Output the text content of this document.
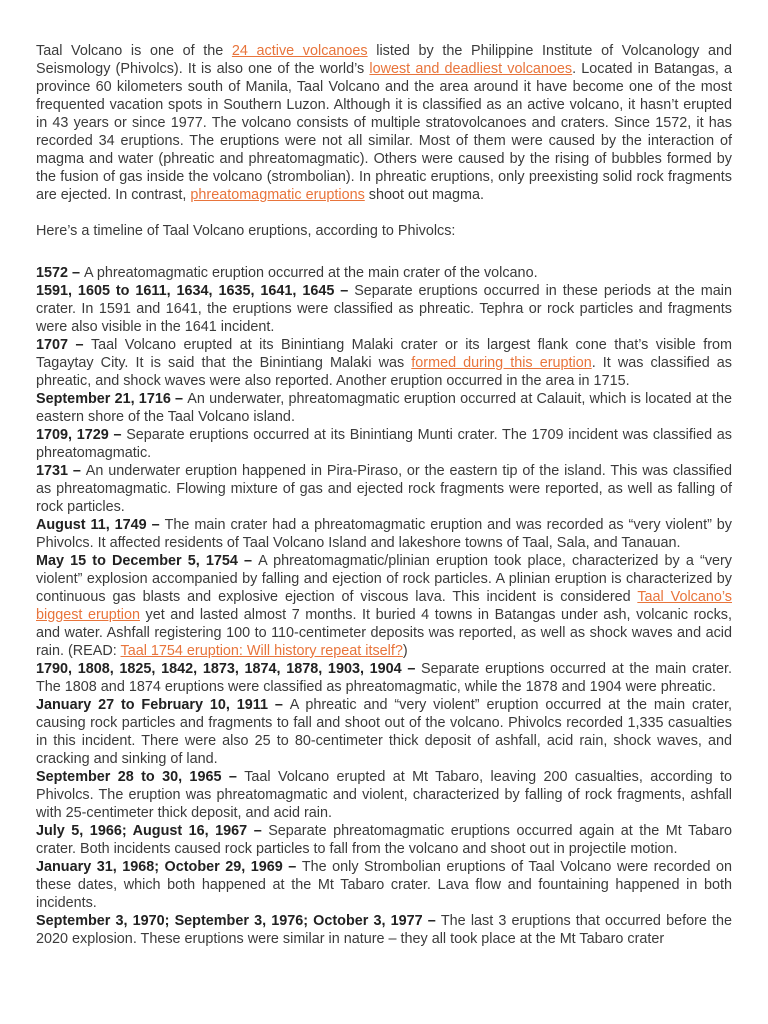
Taal Volcano is one of the 24 active volcanoes listed by the Philippine Institute of Volcanology and Seismology (Phivolcs). It is also one of the world’s lowest and deadliest volcanoes. Located in Batangas, a province 60 kilometers south of Manila, Taal Volcano and the area around it have become one of the most frequented vacation spots in Southern Luzon. Although it is classified as an active volcano, it hasn’t erupted in 43 years or since 1977. The volcano consists of multiple stratovolcanoes and craters. Since 1572, it has recorded 34 eruptions. The eruptions were not all similar. Most of them were caused by the interaction of magma and water (phreatic and phreatomagmatic). Others were caused by the rising of bubbles formed by the fusion of gas inside the volcano (strombolian). In phreatic eruptions, only preexisting solid rock fragments are ejected. In contrast, phreatomagmatic eruptions shoot out magma.

Here’s a timeline of Taal Volcano eruptions, according to Phivolcs:

1572 – A phreatomagmatic eruption occurred at the main crater of the volcano.

1591, 1605 to 1611, 1634, 1635, 1641, 1645 – Separate eruptions occurred in these periods at the main crater. In 1591 and 1641, the eruptions were classified as phreatic. Tephra or rock particles and fragments were also visible in the 1641 incident.

1707 – Taal Volcano erupted at its Binintiang Malaki crater or its largest flank cone that’s visible from Tagaytay City. It is said that the Binintiang Malaki was formed during this eruption. It was classified as phreatic, and shock waves were also reported. Another eruption occurred in the area in 1715.

September 21, 1716 – An underwater, phreatomagmatic eruption occurred at Calauit, which is located at the eastern shore of the Taal Volcano island.

1709, 1729 – Separate eruptions occurred at its Binintiang Munti crater. The 1709 incident was classified as phreatomagmatic.

1731 – An underwater eruption happened in Pira-Piraso, or the eastern tip of the island. This was classified as phreatomagmatic. Flowing mixture of gas and ejected rock fragments were reported, as well as falling of rock particles.

August 11, 1749 – The main crater had a phreatomagmatic eruption and was recorded as “very violent” by Phivolcs. It affected residents of Taal Volcano Island and lakeshore towns of Taal, Sala, and Tanauan.

May 15 to December 5, 1754 – A phreatomagmatic/plinian eruption took place, characterized by a “very violent” explosion accompanied by falling and ejection of rock particles. A plinian eruption is characterized by continuous gas blasts and explosive ejection of viscous lava. This incident is considered Taal Volcano’s biggest eruption yet and lasted almost 7 months. It buried 4 towns in Batangas under ash, volcanic rocks, and water. Ashfall registering 100 to 110-centimeter deposits was reported, as well as shock waves and acid rain. (READ: Taal 1754 eruption: Will history repeat itself?)

1790, 1808, 1825, 1842, 1873, 1874, 1878, 1903, 1904 – Separate eruptions occurred at the main crater. The 1808 and 1874 eruptions were classified as phreatomagmatic, while the 1878 and 1904 were phreatic.

January 27 to February 10, 1911 – A phreatic and “very violent” eruption occurred at the main crater, causing rock particles and fragments to fall and shoot out of the volcano. Phivolcs recorded 1,335 casualties in this incident. There were also 25 to 80-centimeter thick deposit of ashfall, acid rain, shock waves, and cracking and sinking of land.

September 28 to 30, 1965 – Taal Volcano erupted at Mt Tabaro, leaving 200 casualties, according to Phivolcs. The eruption was phreatomagmatic and violent, characterized by falling of rock fragments, ashfall with 25-centimeter thick deposit, and acid rain.

July 5, 1966; August 16, 1967 – Separate phreatomagmatic eruptions occurred again at the Mt Tabaro crater. Both incidents caused rock particles to fall from the volcano and shoot out in projectile motion.

January 31, 1968; October 29, 1969 – The only Strombolian eruptions of Taal Volcano were recorded on these dates, which both happened at the Mt Tabaro crater. Lava flow and fountaining happened in both incidents.

September 3, 1970; September 3, 1976; October 3, 1977 – The last 3 eruptions that occurred before the 2020 explosion. These eruptions were similar in nature – they all took place at the Mt Tabaro crater
